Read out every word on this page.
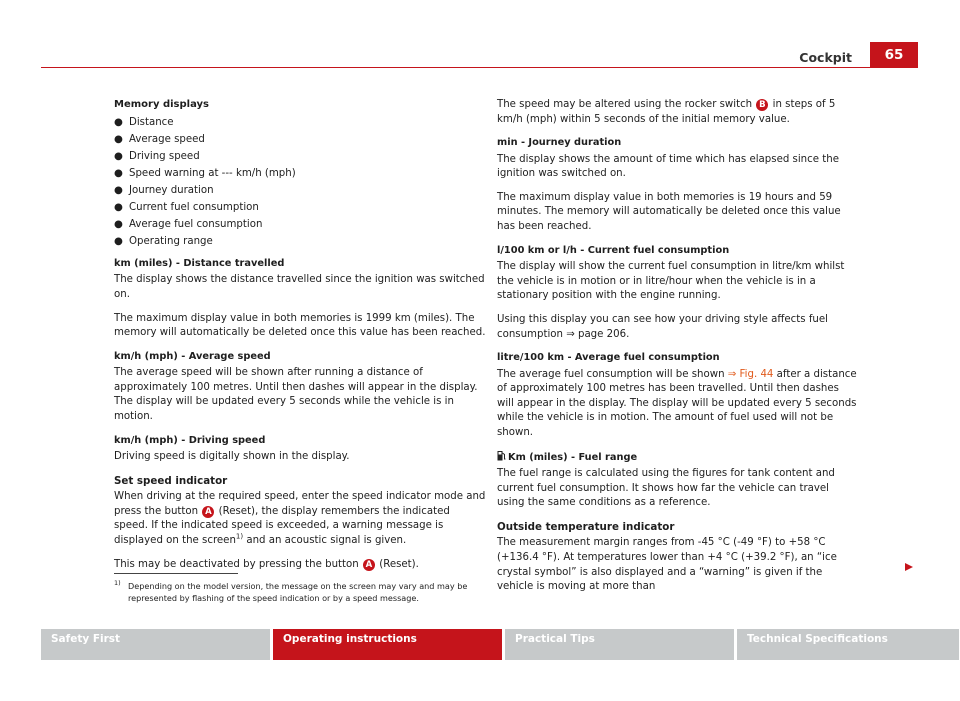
Cockpit	65
Memory displays
● Distance
● Average speed
● Driving speed
● Speed warning at --- km/h (mph)
● Journey duration
● Current fuel consumption
● Average fuel consumption
● Operating range
km (miles) - Distance travelled

The display shows the distance travelled since the ignition was switched on.

The maximum display value in both memories is 1999 km (miles). The memory will automatically be deleted once this value has been reached.

km/h (mph) - Average speed

The average speed will be shown after running a distance of approximately 100 metres. Until then dashes will appear in the display. The display will be updated every 5 seconds while the vehicle is in motion.

km/h (mph) - Driving speed

Driving speed is digitally shown in the display.

Set speed indicator

When driving at the required speed, enter the speed indicator mode and press the button A (Reset), the display remembers the indicated speed. If the indicated speed is exceeded, a warning message is displayed on the screen$^{1)}$ and an acoustic signal is given.

This may be deactivated by pressing the button A (Reset).

The speed may be altered using the rocker switch B in steps of 5 km/h (mph) within 5 seconds of the initial memory value.

min - Journey duration

The display shows the amount of time which has elapsed since the ignition was switched on.

The maximum display value in both memories is 19 hours and 59 minutes. The memory will automatically be deleted once this value has been reached.

l/100 km or l/h - Current fuel consumption

The display will show the current fuel consumption in litre/km whilst the vehicle is in motion or in litre/hour when the vehicle is in a stationary position with the engine running.

Using this display you can see how your driving style affects fuel consumption ⇒ page 206.

litre/100 km - Average fuel consumption

The average fuel consumption will be shown ⇒ Fig. 44 after a distance of approximately 100 metres has been travelled. Until then dashes will appear in the display. The display will be updated every 5 seconds while the vehicle is in motion. The amount of fuel used will not be shown.

Km (miles) - Fuel range

The fuel range is calculated using the figures for tank content and current fuel consumption. It shows how far the vehicle can travel using the same conditions as a reference.

Outside temperature indicator

The measurement margin ranges from -45 °C (-49 °F) to +58 °C (+136.4 °F). At temperatures lower than +4 °C (+39.2 °F), an “ice crystal symbol” is also displayed and a “warning” is given if the vehicle is moving at more than

1) Depending on the model version, the message on the screen may vary and may be represented by flashing of the speed indication or by a speed message.
Safety First	Operating instructions	Practical Tips	Technical Specifications
